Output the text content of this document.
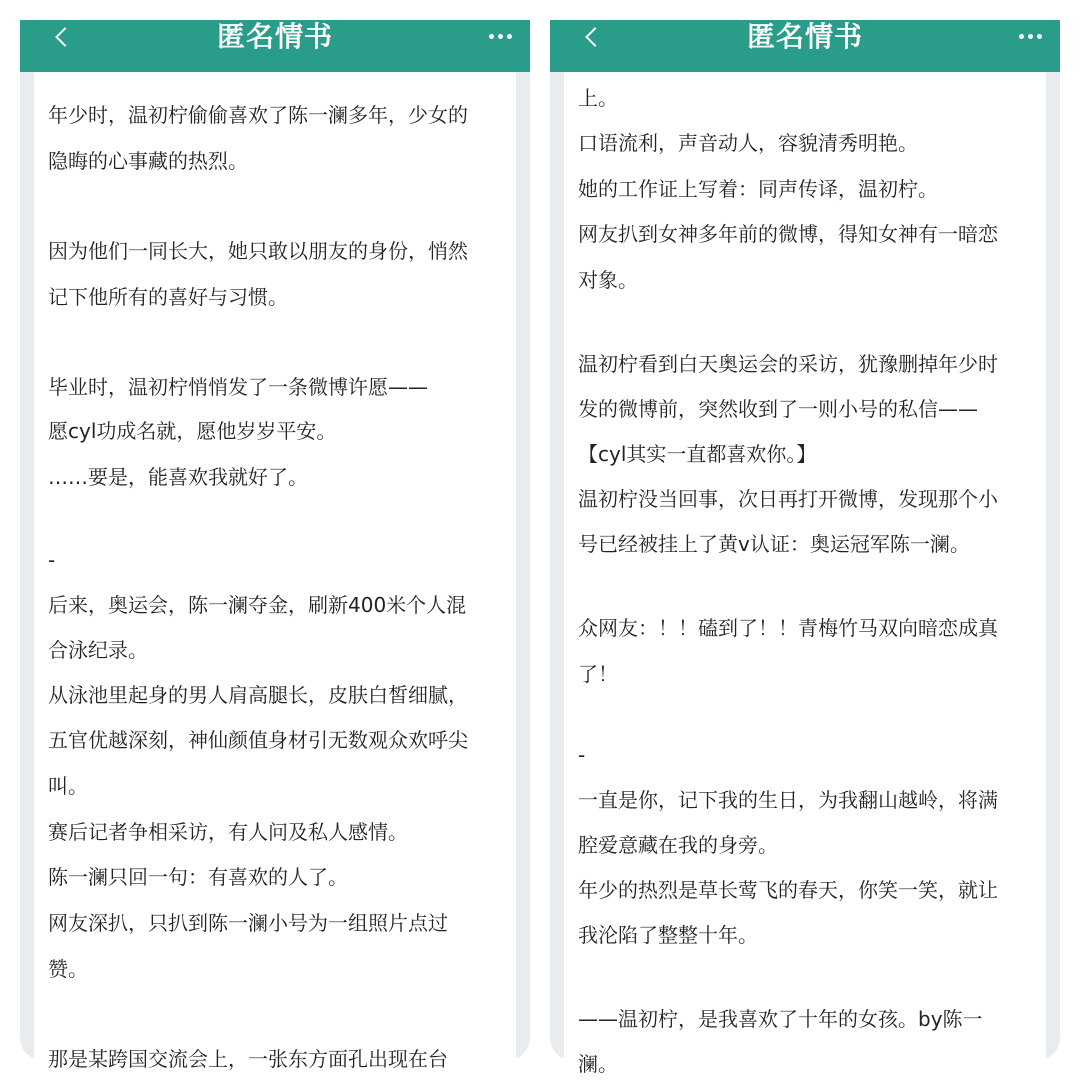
匿名情书
年少时，温初柠偷偷喜欢了陈一澜多年，少女的
隐晦的心事藏的热烈。
因为他们一同长大，她只敢以朋友的身份，悄然
记下他所有的喜好与习惯。
毕业时，温初柠悄悄发了一条微博许愿——
愿cyl功成名就，愿他岁岁平安。
……要是，能喜欢我就好了。
-
后来，奥运会，陈一澜夺金，刷新400米个人混
合泳纪录。
从泳池里起身的男人肩高腿长，皮肤白皙细腻，
五官优越深刻，神仙颜值身材引无数观众欢呼尖
叫。
赛后记者争相采访，有人问及私人感情。
陈一澜只回一句：有喜欢的人了。
网友深扒，只扒到陈一澜小号为一组照片点过
赞。
那是某跨国交流会上，一张东方面孔出现在台
匿名情书
上。
口语流利，声音动人，容貌清秀明艳。
她的工作证上写着：同声传译，温初柠。
网友扒到女神多年前的微博，得知女神有一暗恋
对象。
温初柠看到白天奥运会的采访，犹豫删掉年少时
发的微博前，突然收到了一则小号的私信——
【cyl其实一直都喜欢你。】
温初柠没当回事，次日再打开微博，发现那个小
号已经被挂上了黄v认证：奥运冠军陈一澜。
众网友：！！磕到了！！青梅竹马双向暗恋成真
了！
-
一直是你，记下我的生日，为我翻山越岭，将满
腔爱意藏在我的身旁。
年少的热烈是草长莺飞的春天，你笑一笑，就让
我沦陷了整整十年。
——温初柠，是我喜欢了十年的女孩。by陈一
澜。
